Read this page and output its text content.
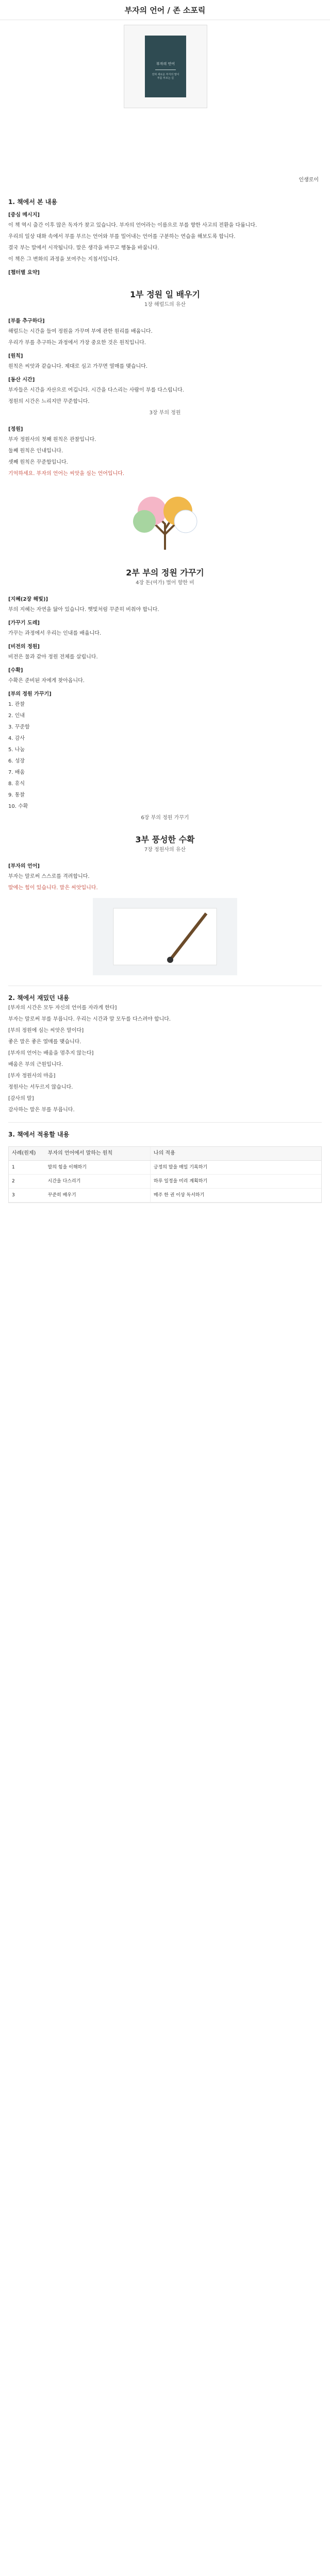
부자의 언어 / 존 소포릭
부자의 언어
전혀 새로운 부자의 말이
부를 부르는 길
인생로이
1. 책에서 본 내용
[중심 메시지]

이 책 역시 출간 이후 많은 독자가 찾고 있습니다. 부자의 언어라는 이름으로 부를 향한 사고의 전환을 다룹니다.

우리의 일상 대화 속에서 부를 부르는 언어와 부를 밀어내는 언어를 구분하는 연습을 해보도록 합니다.

결국 부는 말에서 시작됩니다. 말은 생각을 바꾸고 행동을 바꿉니다.

이 책은 그 변화의 과정을 보여주는 지침서입니다.

[챕터별 요약]
1부 정원 일 배우기
1장 해럴드의 유산
[부를 추구하다]

해럴드는 시간을 들여 정원을 가꾸며 부에 관한 원리를 배웁니다.

우리가 부를 추구하는 과정에서 가장 중요한 것은 원칙입니다.

[원칙]

원칙은 씨앗과 같습니다. 제대로 심고 가꾸면 열매를 맺습니다.

[동산 시간]

부자들은 시간을 자산으로 여깁니다. 시간을 다스리는 사람이 부를 다스립니다.

정원의 시간은 느리지만 꾸준합니다.

3장 부의 정원
[정원]

부자 정원사의 첫째 원칙은 관찰입니다.

둘째 원칙은 인내입니다.

셋째 원칙은 꾸준함입니다.

기억하세요. 부자의 언어는 씨앗을 심는 언어입니다.

2부 부의 정원 가꾸기
4장 돈(여가) 벌어 향한 비
[지혜(2장 해빛)]

부의 지혜는 자연을 닮아 있습니다. 햇빛처럼 꾸준히 비춰야 합니다.

[가꾸기 도레]

가꾸는 과정에서 우리는 인내를 배웁니다.

[비전의 정원]

비전은 물과 같아 정원 전체를 살립니다.

[수확]

수확은 준비된 자에게 찾아옵니다.

[부의 정원 가꾸기]

1. 관찰

2. 인내

3. 꾸준함

4. 감사

5. 나눔

6. 성장

7. 배움

8. 휴식

9. 통찰

10. 수확

6장 부의 정원 가꾸기
3부 풍성한 수확
7장 정원사의 유산
[부자의 언어]

부자는 말로써 스스로를 격려합니다.

말에는 힘이 있습니다. 말은 씨앗입니다.

2. 책에서 재밌던 내용

[부자의 시간은 모두 자신의 언어를 자라게 한다]

부자는 말로써 부를 부릅니다. 우리는 시간과 말 모두를 다스려야 합니다.

[부의 정원에 심는 씨앗은 말이다]

좋은 말은 좋은 열매를 맺습니다.

[부자의 언어는 배움을 멈추지 않는다]

배움은 부의 근원입니다.

[부자 정원사의 마음]

정원사는 서두르지 않습니다.

[감사의 말]

감사하는 말은 부를 부릅니다.

3. 책에서 적용할 내용
사례(원제)	부자의 언어에서 말하는 원칙	나의 적용
1	말의 힘을 이해하기	긍정의 말을 매일 기록하기
2	시간을 다스리기	하루 일정을 미리 계획하기
3	꾸준히 배우기	매주 한 권 이상 독서하기
